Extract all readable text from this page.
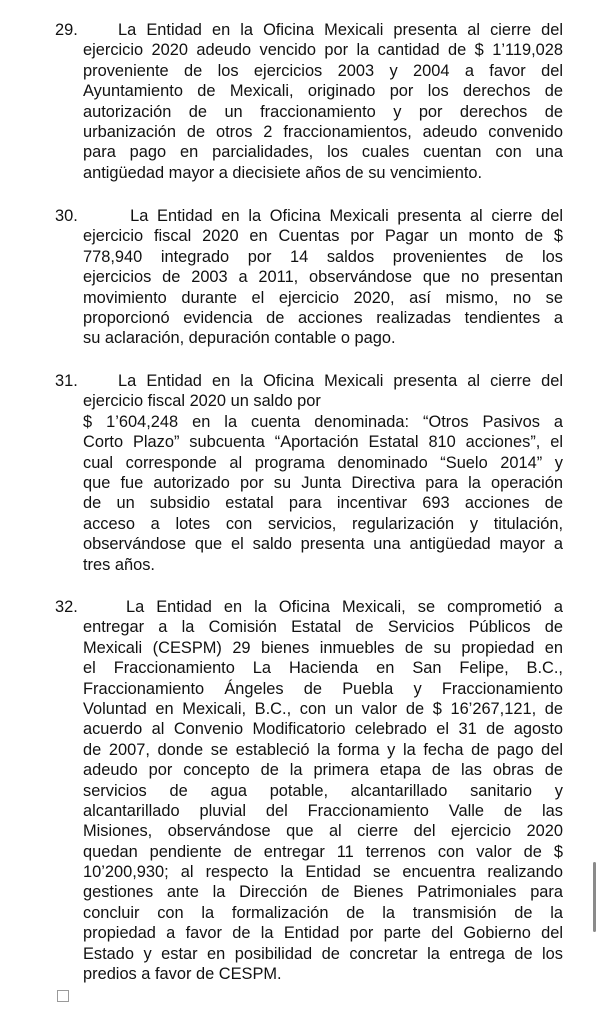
29. La Entidad en la Oficina Mexicali presenta al cierre del
ejercicio 2020 adeudo vencido por la cantidad de $ 1’119,028
proveniente de los ejercicios 2003 y 2004 a favor del
Ayuntamiento de Mexicali, originado por los derechos de
autorización de un fraccionamiento y por derechos de
urbanización de otros 2 fraccionamientos, adeudo convenido
para pago en parcialidades, los cuales cuentan con una
antigüedad mayor a diecisiete años de su vencimiento.
30.	La Entidad en la Oficina Mexicali presenta al cierre del
ejercicio fiscal 2020 en Cuentas por Pagar un monto de $
778,940 integrado por 14 saldos provenientes de los
ejercicios de 2003 a 2011, observándose que no presentan
movimiento durante el ejercicio 2020, así mismo, no se
proporcionó evidencia de acciones realizadas tendientes a
su aclaración, depuración contable o pago.
31. La Entidad en la Oficina Mexicali presenta al cierre del
ejercicio fiscal 2020 un saldo por
$ 1’604,248 en la cuenta denominada: “Otros Pasivos a
Corto Plazo” subcuenta “Aportación Estatal 810 acciones”, el
cual corresponde al programa denominado “Suelo 2014” y
que fue autorizado por su Junta Directiva para la operación
de un subsidio estatal para incentivar 693 acciones de
acceso a lotes con servicios, regularización y titulación,
observándose que el saldo presenta una antigüedad mayor a
tres años.
32.	La Entidad en la Oficina Mexicali, se comprometió a
entregar a la Comisión Estatal de Servicios Públicos de
Mexicali (CESPM) 29 bienes inmuebles de su propiedad en
el Fraccionamiento La Hacienda en San Felipe, B.C.,
Fraccionamiento Ángeles de Puebla y Fraccionamiento
Voluntad en Mexicali, B.C., con un valor de $ 16’267,121, de
acuerdo al Convenio Modificatorio celebrado el 31 de agosto
de 2007, donde se estableció la forma y la fecha de pago del
adeudo por concepto de la primera etapa de las obras de
servicios de agua potable, alcantarillado sanitario y
alcantarillado pluvial del Fraccionamiento Valle de las
Misiones, observándose que al cierre del ejercicio 2020
quedan pendiente de entregar 11 terrenos con valor de $
10’200,930; al respecto la Entidad se encuentra realizando
gestiones ante la Dirección de Bienes Patrimoniales para
concluir con la formalización de la transmisión de la
propiedad a favor de la Entidad por parte del Gobierno del
Estado y estar en posibilidad de concretar la entrega de los
predios a favor de CESPM.
